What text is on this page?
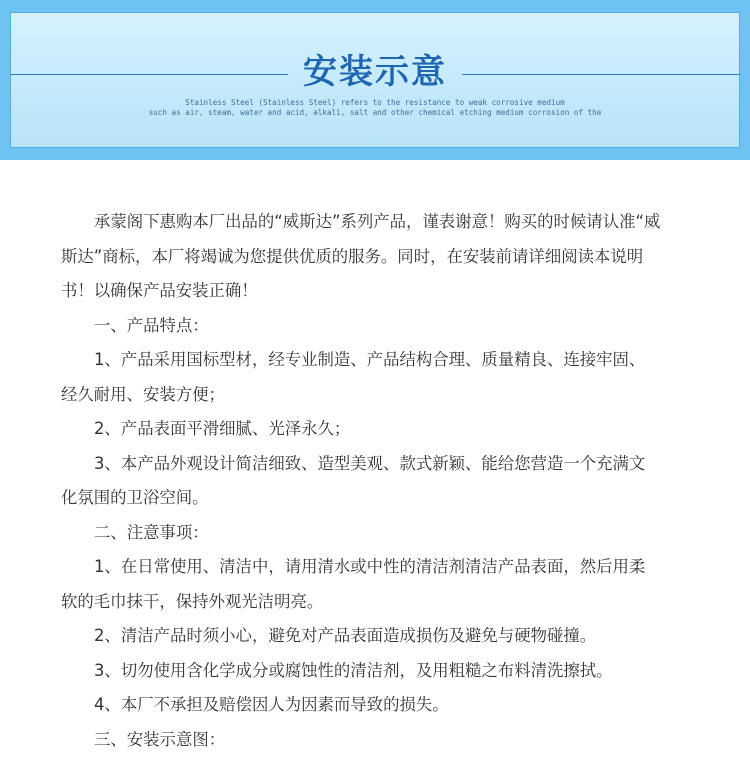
安装示意
Stainless Steel (Stainless Steel) refers to the resistance to weak corrosive medium
such as air, steam, water and acid, alkali, salt and other chemical etching medium corrosion of the

承蒙阁下惠购本厂出品的“威斯达”系列产品，谨表谢意！购买的时候请认准“威斯达”商标，本厂将竭诚为您提供优质的服务。同时，在安装前请详细阅读本说明书！以确保产品安装正确！

一、产品特点：

1、产品采用国标型材，经专业制造、产品结构合理、质量精良、连接牢固、经久耐用、安装方便；

2、产品表面平滑细腻、光泽永久；

3、本产品外观设计简洁细致、造型美观、款式新颖、能给您营造一个充满文化氛围的卫浴空间。

二、注意事项：

1、在日常使用、清洁中，请用清水或中性的清洁剂清洁产品表面，然后用柔软的毛巾抹干，保持外观光洁明亮。

2、清洁产品时须小心，避免对产品表面造成损伤及避免与硬物碰撞。

3、切勿使用含化学成分或腐蚀性的清洁剂，及用粗糙之布料清洗擦拭。

4、本厂不承担及赔偿因人为因素而导致的损失。

三、安装示意图：
